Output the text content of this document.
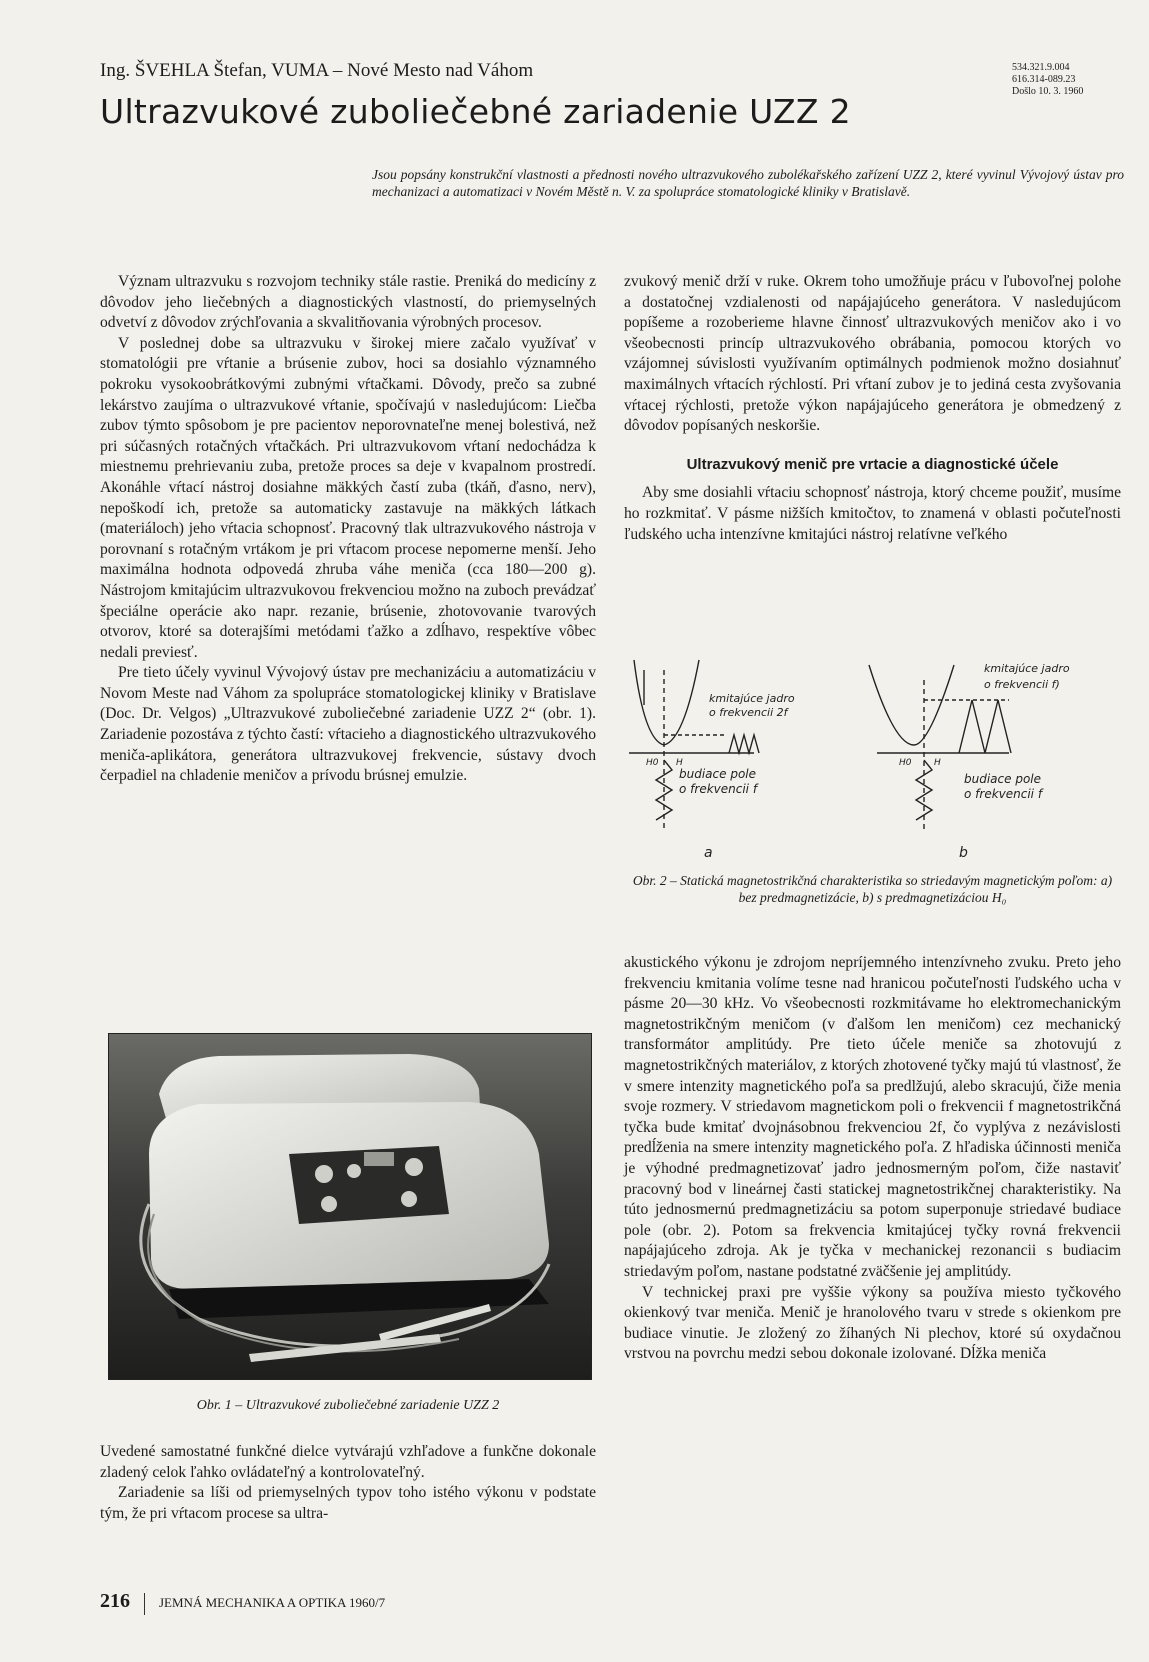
Ing. ŠVEHLA Štefan, VUMA – Nové Mesto nad Váhom	534.321.9.004
616.314-089.23
Došlo 10. 3. 1960
Ultrazvukové zuboliečebné zariadenie UZZ 2
Jsou popsány konstrukční vlastnosti a přednosti nového ultrazvukového zubolékařského zařízení UZZ 2, které vyvinul Vývojový ústav pro mechanizaci a automatizaci v Novém Městě n. V. za spolupráce stomatologické kliniky v Bratislavě.

Význam ultrazvuku s rozvojom techniky stále rastie. Preniká do medicíny z dôvodov jeho liečebných a diagnostických vlastností, do priemyselných odvetví z dôvodov zrýchľovania a skvalitňovania výrobných procesov.

V poslednej dobe sa ultrazvuku v širokej miere začalo využívať v stomatológii pre vŕtanie a brúsenie zubov, hoci sa dosiahlo významného pokroku vysokoobrátkovými zubnými vŕtačkami. Dôvody, prečo sa zubné lekárstvo zaujíma o ultrazvukové vŕtanie, spočívajú v nasledujúcom: Liečba zubov týmto spôsobom je pre pacientov neporovnateľne menej bolestivá, než pri súčasných rotačných vŕtačkách. Pri ultrazvukovom vŕtaní nedochádza k miestnemu prehrievaniu zuba, pretože proces sa deje v kvapalnom prostredí. Akonáhle vŕtací nástroj dosiahne mäkkých častí zuba (tkáň, ďasno, nerv), nepoškodí ich, pretože sa automaticky zastavuje na mäkkých látkach (materiáloch) jeho vŕtacia schopnosť. Pracovný tlak ultrazvukového nástroja v porovnaní s rotačným vrtákom je pri vŕtacom procese nepomerne menší. Jeho maximálna hodnota odpovedá zhruba váhe meniča (cca 180—200 g). Nástrojom kmitajúcim ultrazvukovou frekvenciou možno na zuboch prevádzať špeciálne operácie ako napr. rezanie, brúsenie, zhotovovanie tvarových otvorov, ktoré sa doterajšími metódami ťažko a zdĺhavo, respektíve vôbec nedali previesť.

Pre tieto účely vyvinul Vývojový ústav pre mechanizáciu a automatizáciu v Novom Meste nad Váhom za spolupráce stomatologickej kliniky v Bratislave (Doc. Dr. Velgos) „Ultrazvukové zuboliečebné zariadenie UZZ 2“ (obr. 1). Zariadenie pozostáva z týchto častí: vŕtacieho a diagnostického ultrazvukového meniča-aplikátora, generátora ultrazvukovej frekvencie, sústavy dvoch čerpadiel na chladenie meničov a prívodu brúsnej emulzie.

Obr. 1 – Ultrazvukové zuboliečebné zariadenie UZZ 2

Uvedené samostatné funkčné dielce vytvárajú vzhľadove a funkčne dokonale zladený celok ľahko ovládateľný a kontrolovateľný.

Zariadenie sa líši od priemyselných typov toho istého výkonu v podstate tým, že pri vŕtacom procese sa ultra-

zvukový menič drží v ruke. Okrem toho umožňuje prácu v ľubovoľnej polohe a dostatočnej vzdialenosti od napájajúceho generátora. V nasledujúcom popíšeme a rozoberieme hlavne činnosť ultrazvukových meničov ako i vo všeobecnosti princíp ultrazvukového obrábania, pomocou ktorých vo vzájomnej súvislosti využívaním optimálnych podmienok možno dosiahnuť maximálnych vŕtacích rýchlostí. Pri vŕtaní zubov je to jediná cesta zvyšovania vŕtacej rýchlosti, pretože výkon napájajúceho generátora je obmedzený z dôvodov popísaných neskoršie.

Ultrazvukový menič pre vrtacie a diagnostické účele

Aby sme dosiahli vŕtaciu schopnosť nástroja, ktorý chceme použiť, musíme ho rozkmitať. V pásme nižších kmitočtov, to znamená v oblasti počuteľnosti ľudského ucha intenzívne kmitajúci nástroj relatívne veľkého

kmitajúce jadro
o frekvencii 2f
budiace pole
o frekvencii f
H0 H
a
kmitajúce jadro
o frekvencii f)
budiace pole
o frekvencii f
H0	H
b
Obr. 2 – Statická magnetostrikčná charakteristika so striedavým magnetickým poľom: a) bez predmagnetizácie, b) s predmagnetizáciou H₀

akustického výkonu je zdrojom nepríjemného intenzívneho zvuku. Preto jeho frekvenciu kmitania volíme tesne nad hranicou počuteľnosti ľudského ucha v pásme 20—30 kHz. Vo všeobecnosti rozkmitávame ho elektromechanickým magnetostrikčným meničom (v ďalšom len meničom) cez mechanický transformátor amplitúdy. Pre tieto účele meniče sa zhotovujú z magnetostrikčných materiálov, z ktorých zhotovené tyčky majú tú vlastnosť, že v smere intenzity magnetického poľa sa predlžujú, alebo skracujú, čiže menia svoje rozmery. V striedavom magnetickom poli o frekvencii f magnetostrikčná tyčka bude kmitať dvojnásobnou frekvenciou 2f, čo vyplýva z nezávislosti predĺženia na smere intenzity magnetického poľa. Z hľadiska účinnosti meniča je výhodné predmagnetizovať jadro jednosmerným poľom, čiže nastaviť pracovný bod v lineárnej časti statickej magnetostrikčnej charakteristiky. Na túto jednosmernú predmagnetizáciu sa potom superponuje striedavé budiace pole (obr. 2). Potom sa frekvencia kmitajúcej tyčky rovná frekvencii napájajúceho zdroja. Ak je tyčka v mechanickej rezonancii s budiacim striedavým poľom, nastane podstatné zväčšenie jej amplitúdy.

V technickej praxi pre vyššie výkony sa používa miesto tyčkového okienkový tvar meniča. Menič je hranolového tvaru v strede s okienkom pre budiace vinutie. Je zložený zo žíhaných Ni plechov, ktoré sú oxydačnou vrstvou na povrchu medzi sebou dokonale izolované. Dĺžka meniča

216 JEMNÁ MECHANIKA A OPTIKA 1960/7
